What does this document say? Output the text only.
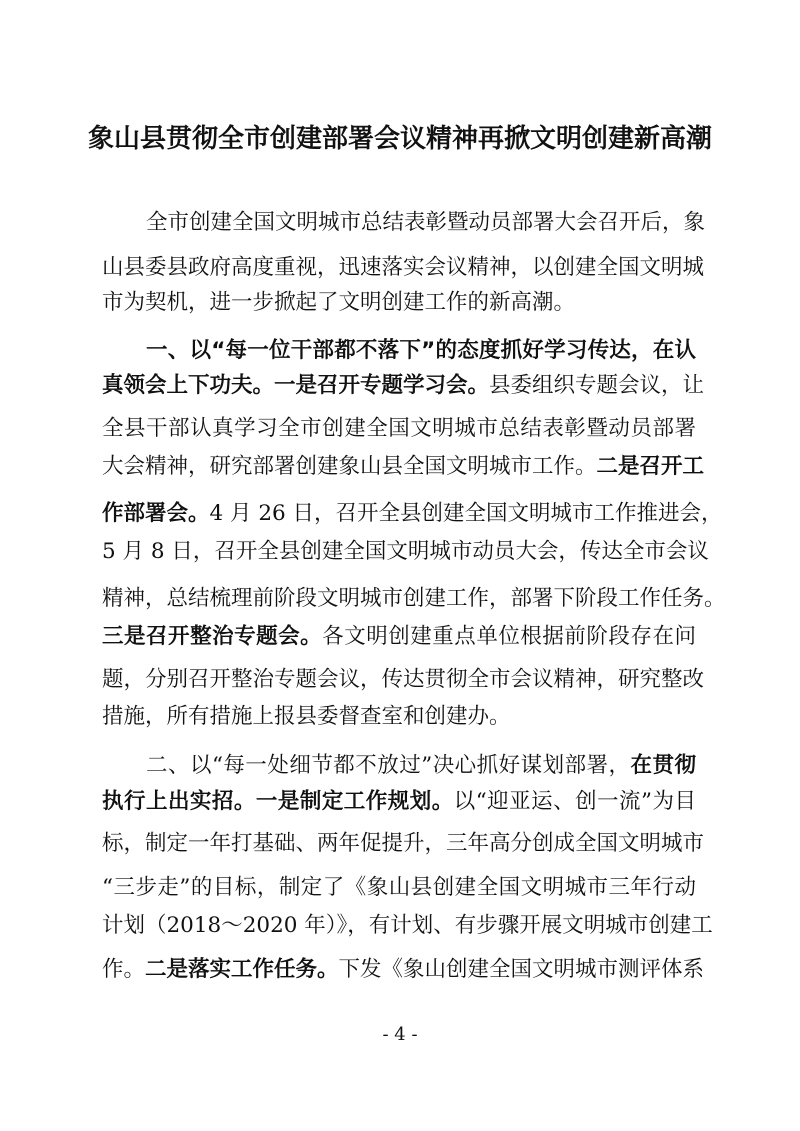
象山县贯彻全市创建部署会议精神再掀文明创建新高潮
全市创建全国文明城市总结表彰暨动员部署大会召开后，象
山县委县政府高度重视，迅速落实会议精神，以创建全国文明城
市为契机，进一步掀起了文明创建工作的新高潮。
一、以“每一位干部都不落下”的态度抓好学习传达，在认
真领会上下功夫。一是召开专题学习会。县委组织专题会议，让
全县干部认真学习全市创建全国文明城市总结表彰暨动员部署
大会精神，研究部署创建象山县全国文明城市工作。二是召开工
作部署会。4 月 26 日，召开全县创建全国文明城市工作推进会，
5 月 8 日，召开全县创建全国文明城市动员大会，传达全市会议
精神，总结梳理前阶段文明城市创建工作，部署下阶段工作任务。
三是召开整治专题会。各文明创建重点单位根据前阶段存在问
题，分别召开整治专题会议，传达贯彻全市会议精神，研究整改
措施，所有措施上报县委督查室和创建办。
二、以“每一处细节都不放过”决心抓好谋划部署，在贯彻
执行上出实招。一是制定工作规划。以“迎亚运、创一流”为目
标，制定一年打基础、两年促提升，三年高分创成全国文明城市
“三步走”的目标，制定了《象山县创建全国文明城市三年行动
计划（2018～2020 年）》，有计划、有步骤开展文明城市创建工
作。二是落实工作任务。下发《象山创建全国文明城市测评体系
- 4 -
